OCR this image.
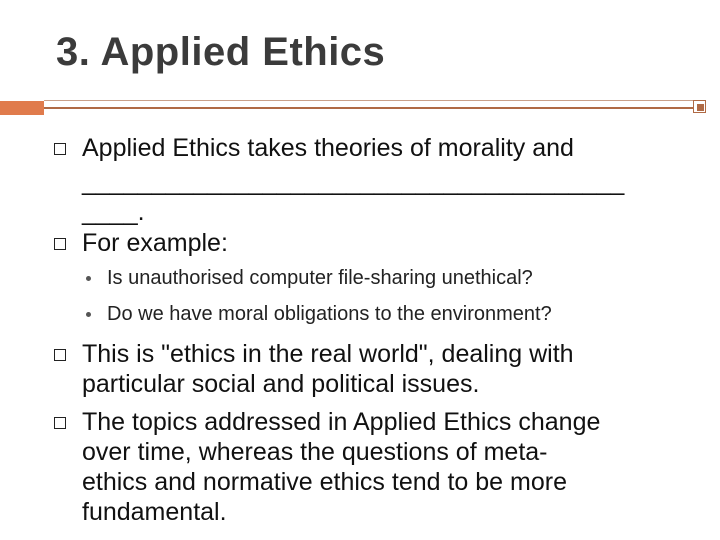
3. Applied Ethics
Applied Ethics takes theories of morality and
_______________________________________
____.
For example:
Is unauthorised computer file-sharing unethical?
Do we have moral obligations to the environment?
This is "ethics in the real world", dealing with
particular social and political issues.
The topics addressed in Applied Ethics change
over time, whereas the questions of meta-
ethics and normative ethics tend to be more
fundamental.
